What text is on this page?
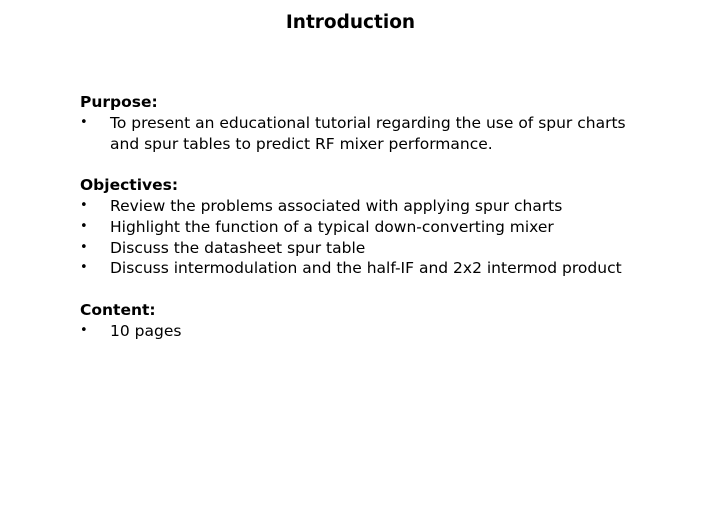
Introduction

Purpose:

•	To present an educational tutorial regarding the use of spur charts and spur tables to predict RF mixer performance.

Objectives:

•	Review the problems associated with applying spur charts
•	Highlight the function of a typical down-converting mixer
•	Discuss the datasheet spur table
•	Discuss intermodulation and the half-IF and 2x2 intermod product

Content:

•	10 pages
